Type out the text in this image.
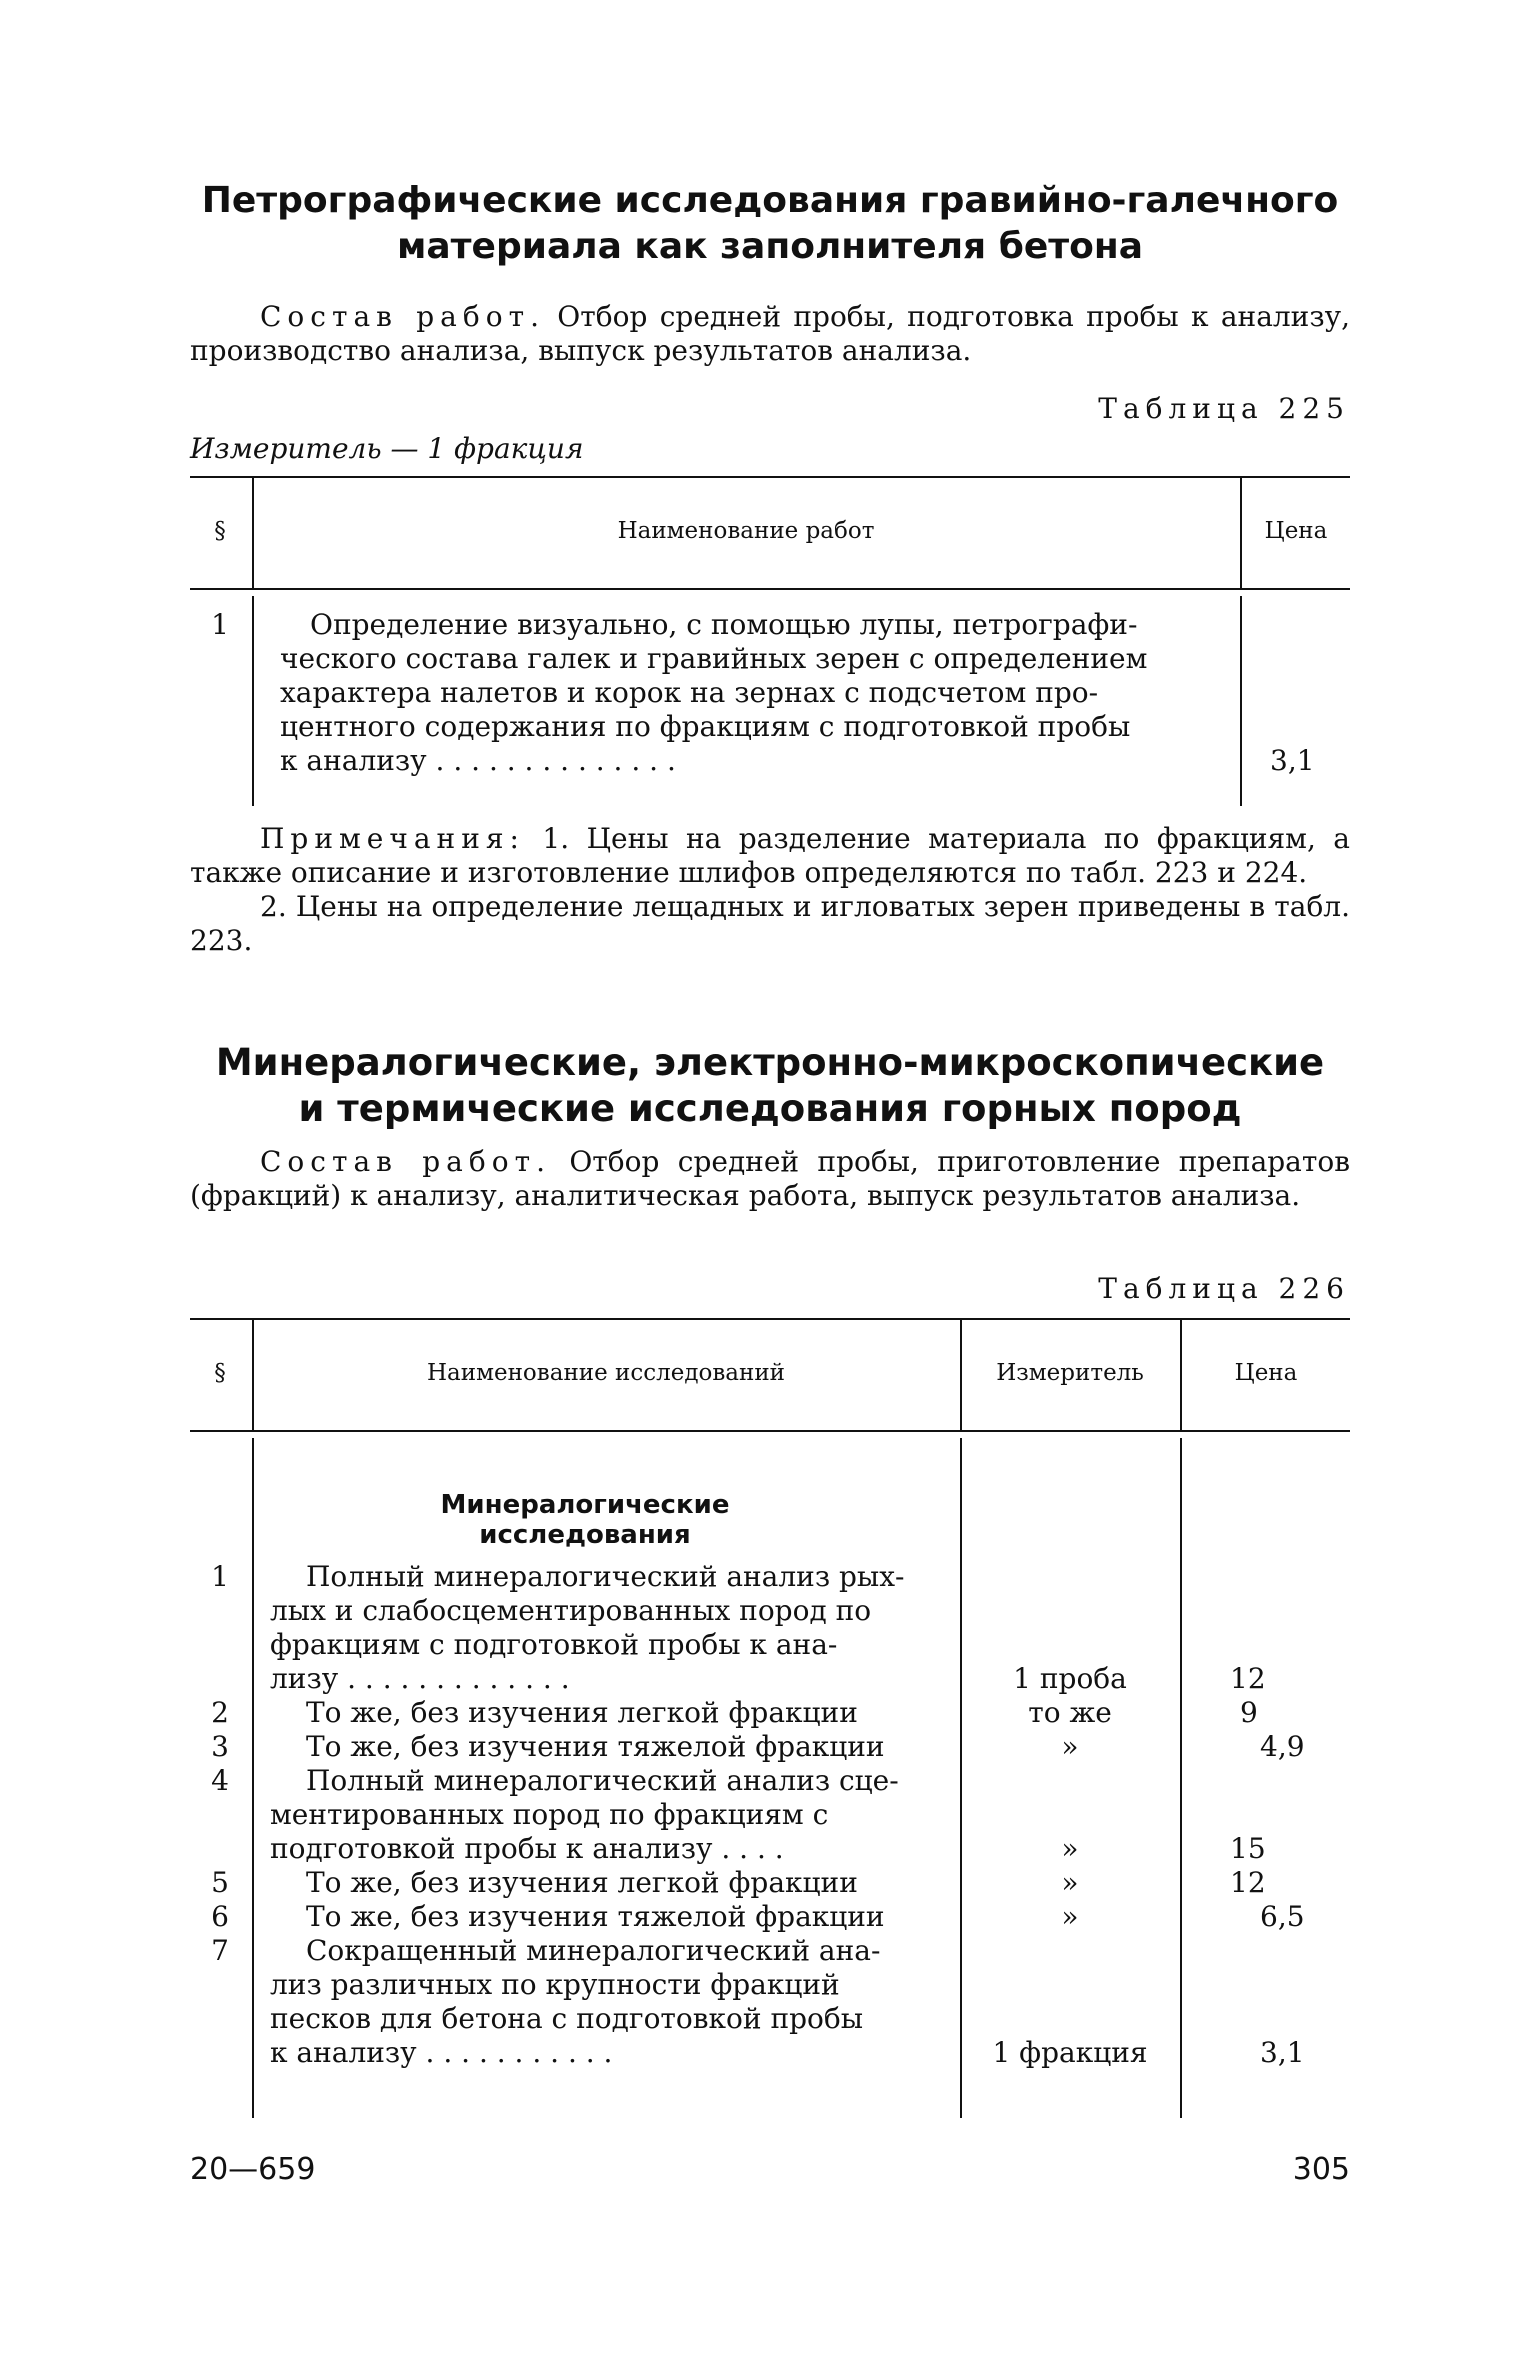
Петрографические исследования гравийно-галечного
материала как заполнителя бетона

Состав работ. Отбор средней пробы, подготовка пробы к анализу, производство анализа, выпуск результатов анализа.

Таблица 225
Измеритель — 1 фракция
§	Наименование работ	Цена
1	Определение визуально, с помощью лупы, петрографи-
ческого состава галек и гравийных зерен с определением
характера налетов и корок на зернах с подсчетом про-
центного содержания по фракциям с подготовкой пробы
к анализу . . . . . . . . . . . . . .	3,1

Примечания: 1. Цены на разделение материала по фракциям, а также описание и изготовление шлифов определяются по табл. 223 и 224.

2. Цены на определение лещадных и игловатых зерен приведены в табл. 223.

Минералогические, электронно-микроскопические
и термические исследования горных пород

Состав работ. Отбор средней пробы, приготовление препаратов (фракций) к анализу, аналитическая работа, выпуск результатов анализа.

Таблица 226
§	Наименование исследований	Измеритель	Цена
Минералогические исследования
1	Полный минералогический анализ рых-
лых и слабосцементированных пород по
фракциям с подготовкой пробы к ана-
лизу . . . . . . . . . . . . .	1 проба	12
2	То же, без изучения легкой фракции	то же	9
3	То же, без изучения тяжелой фракции	»	4,9
4	Полный минералогический анализ сце-
ментированных пород по фракциям с
подготовкой пробы к анализу . . . .	»	15
5	То же, без изучения легкой фракции	»	12
6	То же, без изучения тяжелой фракции	»	6,5
7	Сокращенный минералогический ана-
лиз различных по крупности фракций
песков для бетона с подготовкой пробы
к анализу . . . . . . . . . . .	1 фракция	3,1
20—659	305
